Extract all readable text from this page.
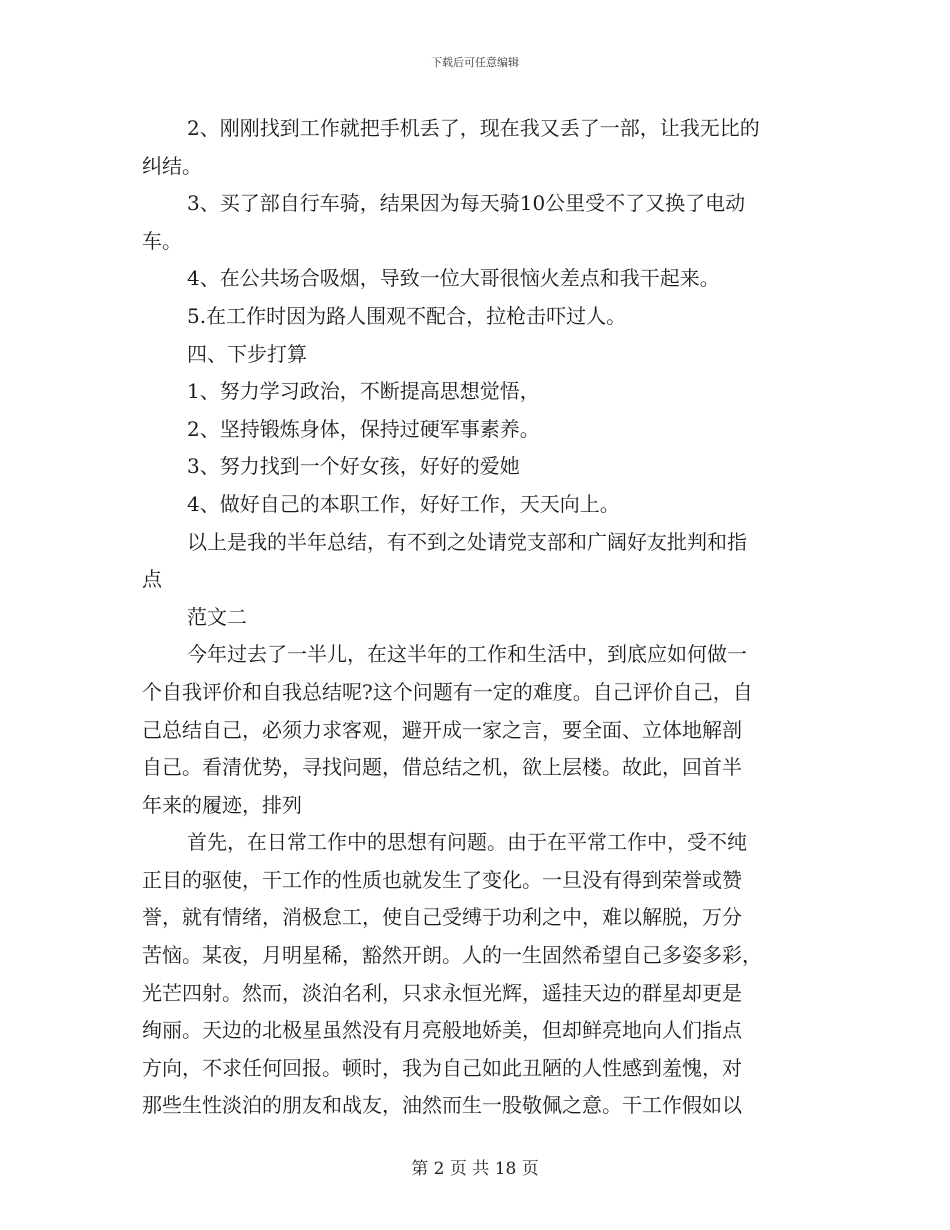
下载后可任意编辑
2、刚刚找到工作就把手机丢了，现在我又丢了一部，让我无比的
纠结。
3、买了部自行车骑，结果因为每天骑10公里受不了又换了电动
车。
4、在公共场合吸烟，导致一位大哥很恼火差点和我干起来。
5.在工作时因为路人围观不配合，拉枪击吓过人。
四、下步打算
1、努力学习政治，不断提高思想觉悟，
2、坚持锻炼身体，保持过硬军事素养。
3、努力找到一个好女孩，好好的爱她
4、做好自己的本职工作，好好工作，天天向上。
以上是我的半年总结，有不到之处请党支部和广阔好友批判和指
点
范文二
今年过去了一半儿，在这半年的工作和生活中，到底应如何做一
个自我评价和自我总结呢?这个问题有一定的难度。自己评价自己，自
己总结自己，必须力求客观，避开成一家之言，要全面、立体地解剖
自己。看清优势，寻找问题，借总结之机，欲上层楼。故此，回首半
年来的履迹，排列
首先，在日常工作中的思想有问题。由于在平常工作中，受不纯
正目的驱使，干工作的性质也就发生了变化。一旦没有得到荣誉或赞
誉，就有情绪，消极怠工，使自己受缚于功利之中，难以解脱，万分
苦恼。某夜，月明星稀，豁然开朗。人的一生固然希望自己多姿多彩，
光芒四射。然而，淡泊名利，只求永恒光辉，遥挂天边的群星却更是
绚丽。天边的北极星虽然没有月亮般地娇美，但却鲜亮地向人们指点
方向，不求任何回报。顿时，我为自己如此丑陋的人性感到羞愧，对
那些生性淡泊的朋友和战友，油然而生一股敬佩之意。干工作假如以
第 2 页 共 18 页
